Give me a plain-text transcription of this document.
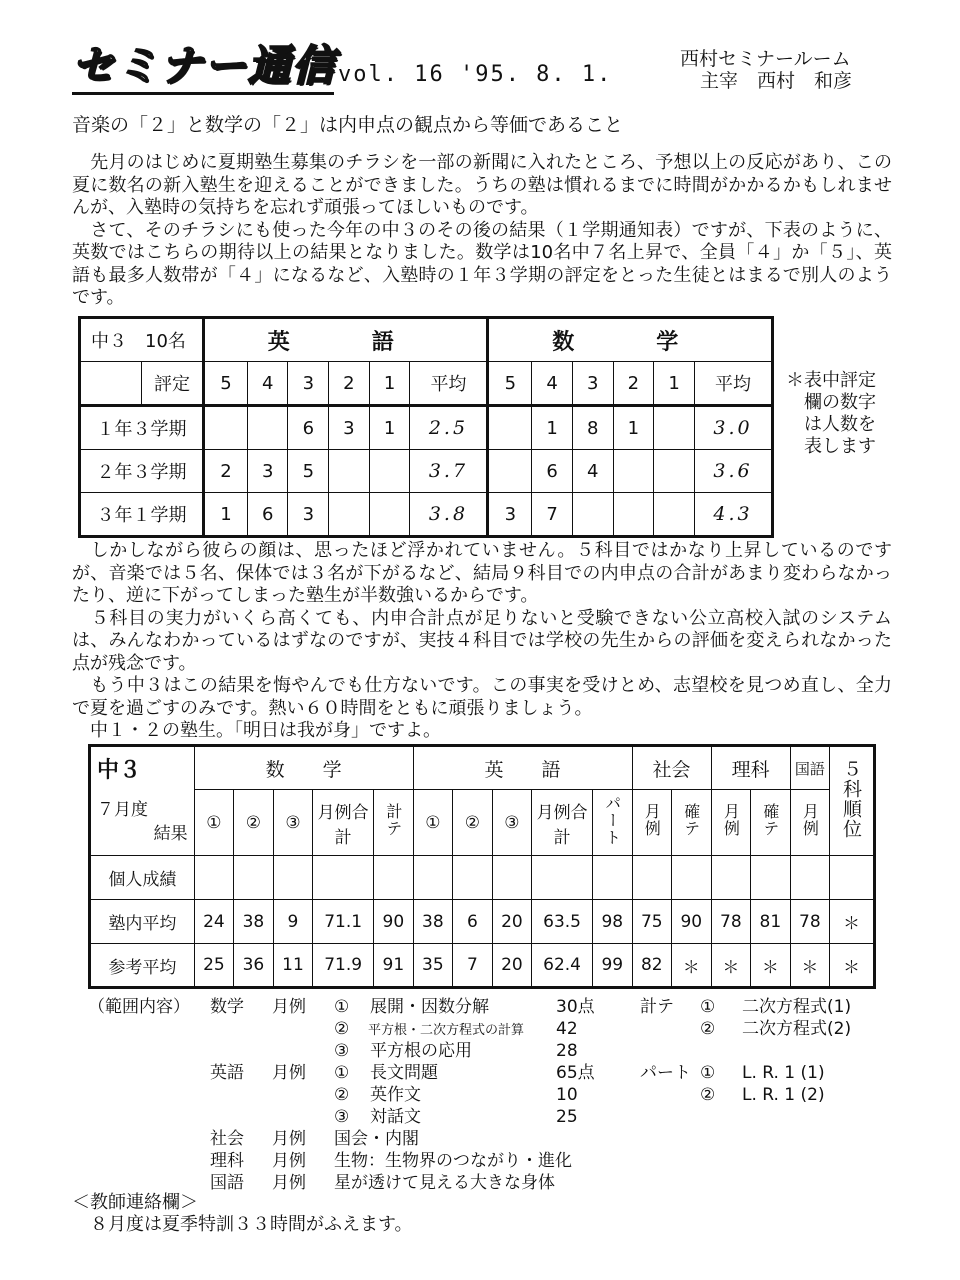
セミナー通信 vol. 16 '95. 8. 1.
西村セミナールーム
主宰　西村　和彦
音楽の「２」と数学の「２」は内申点の観点から等価であること

　先月のはじめに夏期塾生募集のチラシを一部の新聞に入れたところ、予想以上の反応があり、この夏に数名の新入塾生を迎えることができました。うちの塾は慣れるまでに時間がかかるかもしれませんが、入塾時の気持ちを忘れず頑張ってほしいものです。

　さて、そのチラシにも使った今年の中３のその後の結果（１学期通知表）ですが、下表のように、英数ではこちらの期待以上の結果となりました。数学は10名中７名上昇で、全員「４」か「５」、英語も最多人数帯が「４」になるなど、入塾時の１年３学期の評定をとった生徒とはまるで別人のようです。

中３　10名		英　語						数　学					
	評定	5	4	3	2	1	平均	5	4	3	2	1	平均
１年３学期				6	3	1	2.5		1	8	1		3.0
２年３学期		2	3	5			3.7		6	4			3.6
３年１学期		1	6	3			3.8	3	7				4.3
＊表中評定
欄の数字
は人数を
表します

　しかしながら彼らの顔は、思ったほど浮かれていません。５科目ではかなり上昇しているのですが、音楽では５名、保体では３名が下がるなど、結局９科目での内申点の合計があまり変わらなかったり、逆に下がってしまった塾生が半数強いるからです。

　５科目の実力がいくら高くても、内申合計点が足りないと受験できない公立高校入試のシステムは、みんなわかっているはずなのですが、実技４科目では学校の先生からの評価を変えられなかった点が残念です。

　もう中３はこの結果を悔やんでも仕方ないです。この事実を受けとめ、志望校を見つめ直し、全力で夏を過ごすのみです。熱い６０時間をともに頑張りましょう。

　中１・２の塾生。「明日は我が身」ですよ。

中３	数　　学					英　　語					社会		理科		国語	５科順位

７月度
結果	①	②	③	月例合計	計テ	①	②	③	月例合計	パート	月例	確テ	月例	確テ	月例	
個人成績																
塾内平均	24	38	9	71.1	90	38	6	20	63.5	98	75	90	78	81	78	＊
参考平均	25	36	11	71.9	91	35	7	20	62.4	99	82	＊	＊	＊	＊	＊
（範囲内容） 数学 月例 ① 展開・因数分解	30点
② 平方根・二次方程式の計算 42
③ 平方根の応用	28
計テ ① 二次方程式(1)
② 二次方程式(2)
英語 月例 ① 長文問題	65点
② 英作文	10
③ 対話文	25
パート ① L. R. 1 (1)
② L. R. 1 (2)
社会 月例 国会・内閣
理科 月例 生物：生物界のつながり・進化
国語 月例 星が透けて見える大きな身体
＜教師連絡欄＞
８月度は夏季特訓３３時間がふえます。
